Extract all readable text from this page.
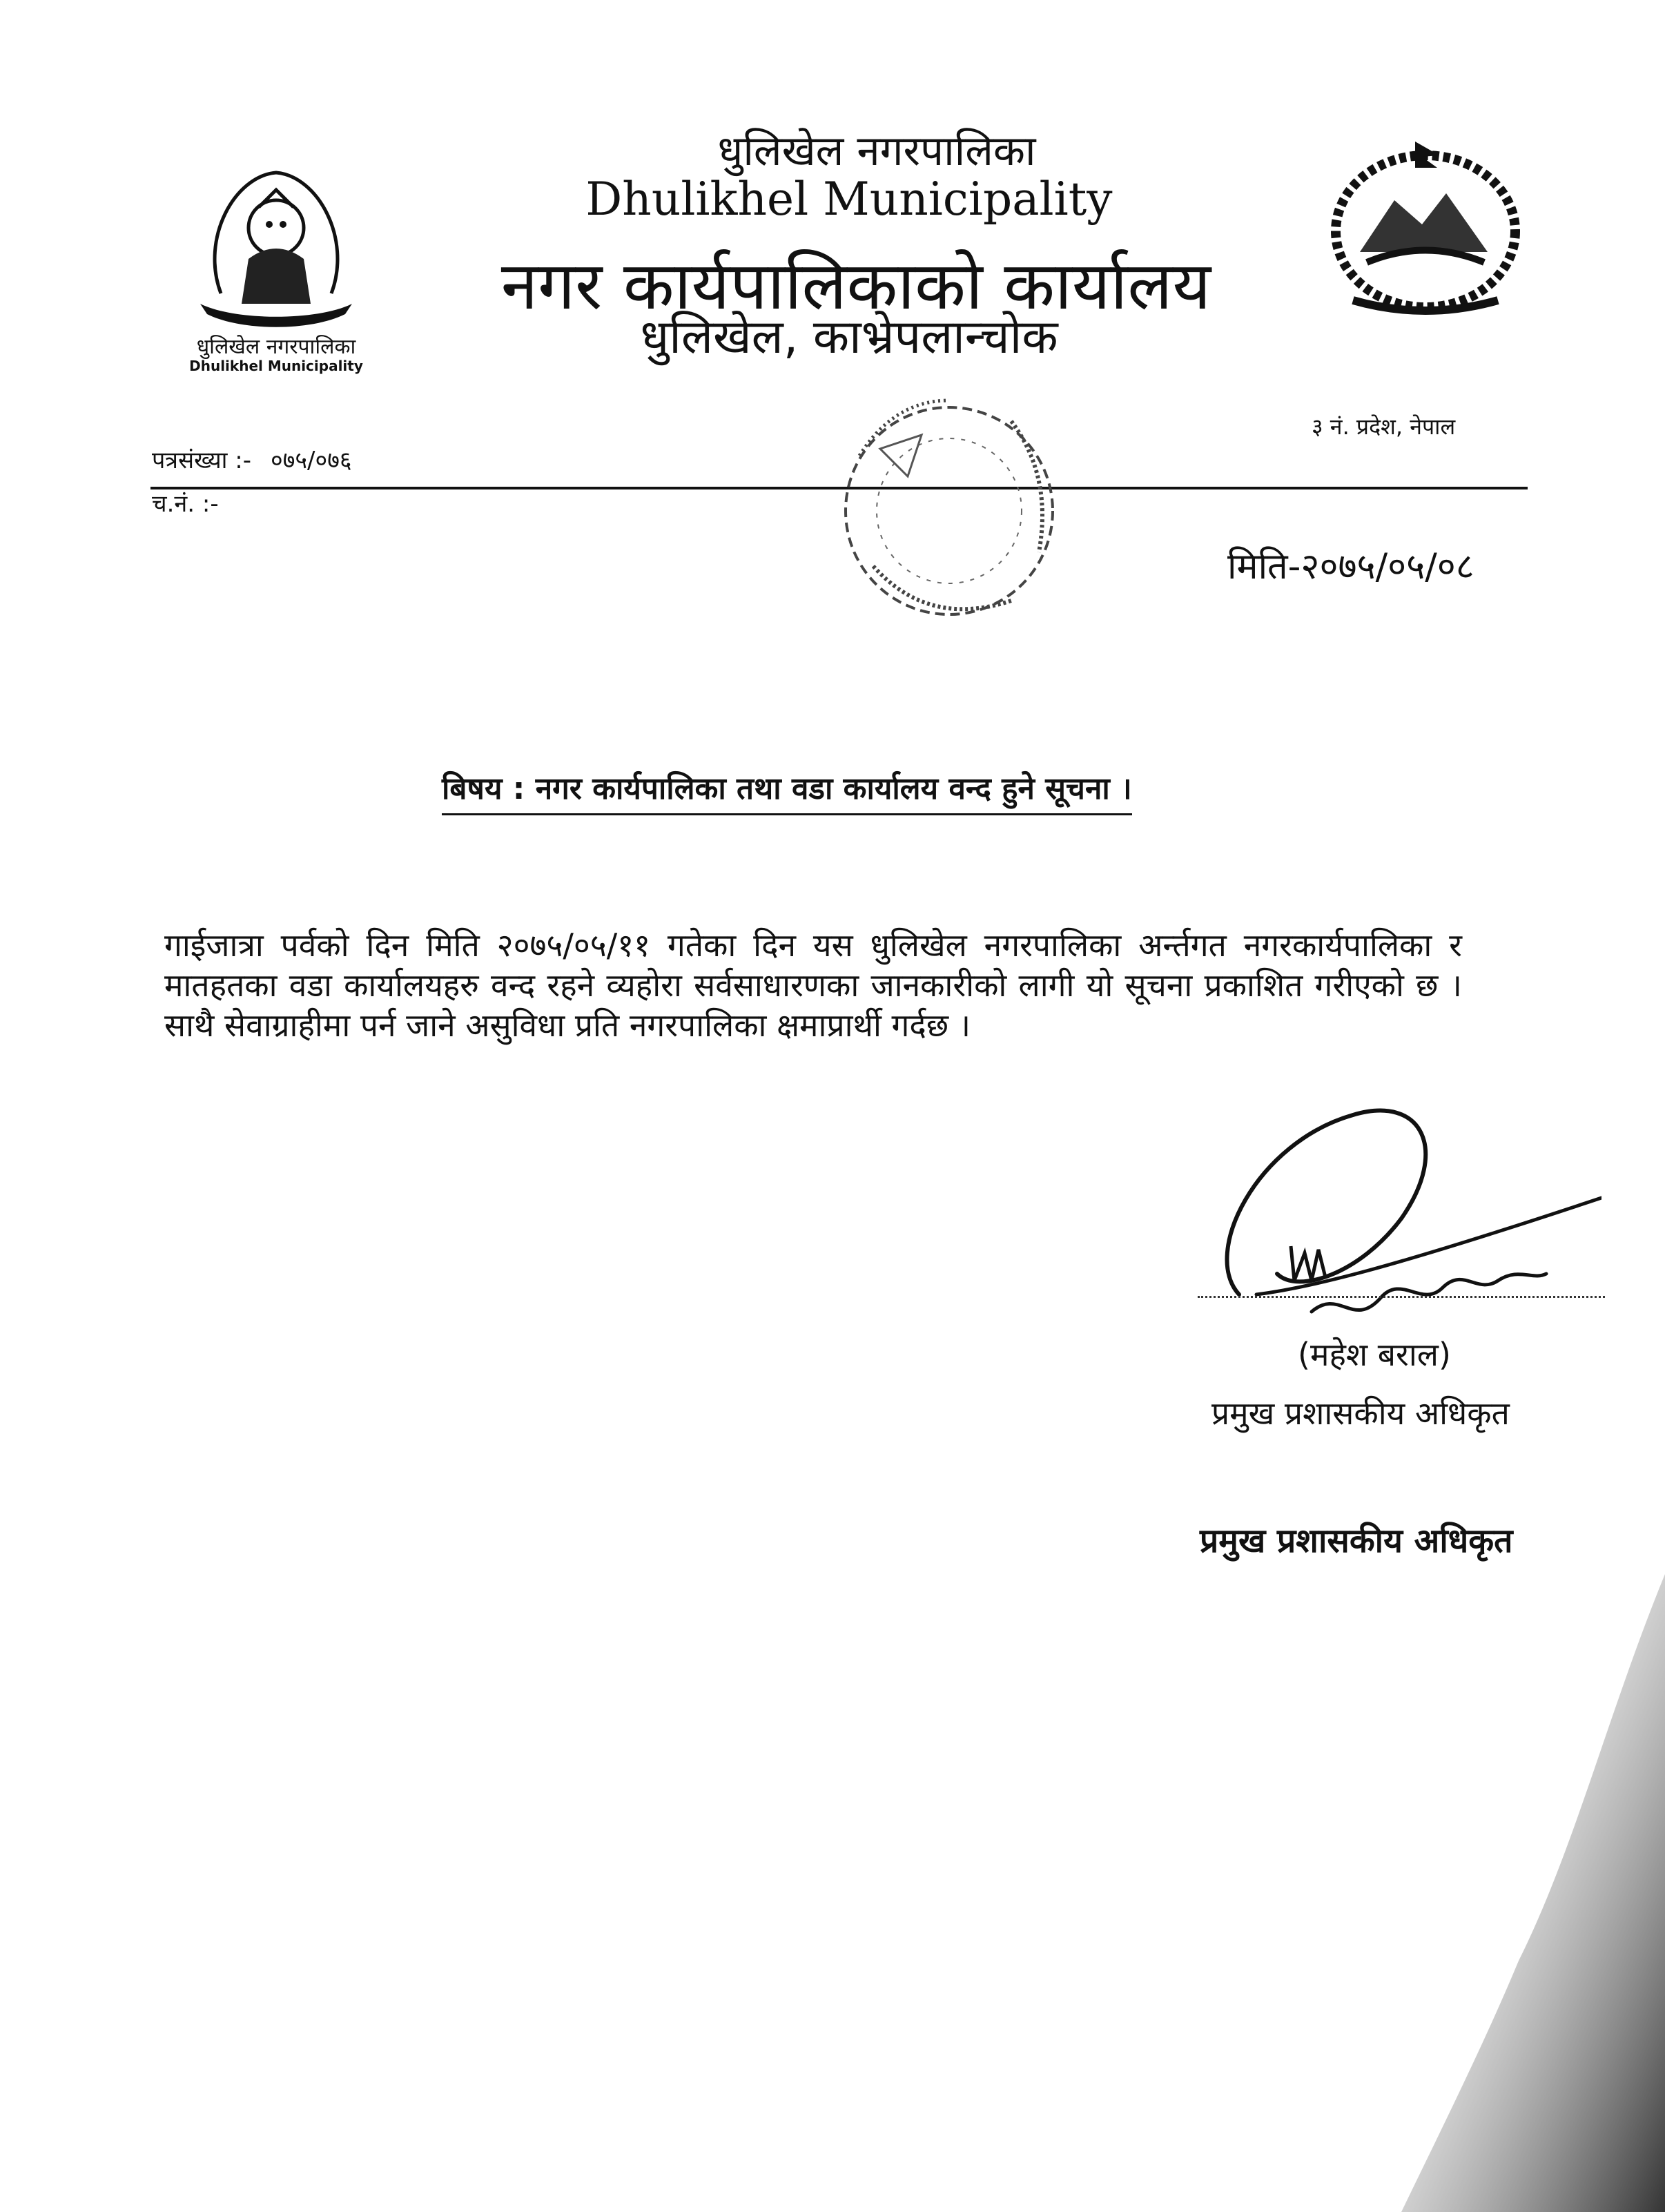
धुलिखेल नगरपालिका
Dhulikhel Municipality
धुलिखेल नगरपालिका
Dhulikhel Municipality
नगर कार्यपालिकाको कार्यालय
धुलिखेल, काभ्रेपलान्चोक
३ नं. प्रदेश, नेपाल
पत्रसंख्या :- ०७५/०७६
च.नं. :-
मिति-२०७५/०५/०८
बिषय : नगर कार्यपालिका तथा वडा कार्यालय वन्द हुने सूचना ।
गाईजात्रा पर्वको दिन मिति २०७५/०५/११ गतेका दिन यस धुलिखेल नगरपालिका अर्न्तगत नगरकार्यपालिका र मातहतका वडा कार्यालयहरु वन्द रहने व्यहोरा सर्वसाधारणका जानकारीको लागी यो सूचना प्रकाशित गरीएको छ । साथै सेवाग्राहीमा पर्न जाने असुविधा प्रति नगरपालिका क्षमाप्रार्थी गर्दछ ।
(महेश बराल)
प्रमुख प्रशासकीय अधिकृत
प्रमुख प्रशासकीय अधिकृत
